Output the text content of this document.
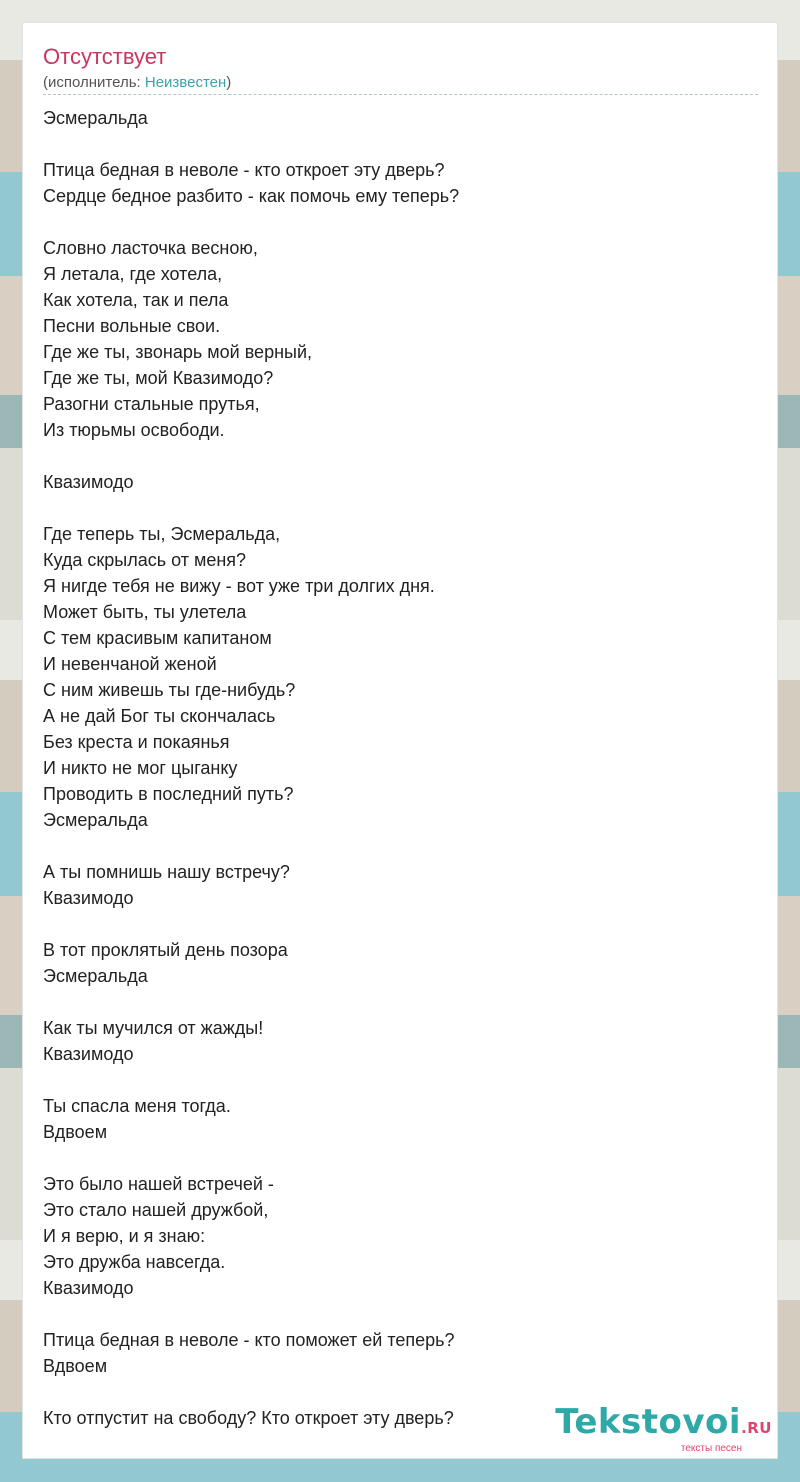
Отсутствует
(исполнитель: Неизвестен)
Эсмеральда
Птица бедная в неволе - кто откроет эту дверь?
Сердце бедное разбито - как помочь ему теперь?
Словно ласточка весною,
Я летала, где хотела,
Как хотела, так и пела
Песни вольные свои.
Где же ты, звонарь мой верный,
Где же ты, мой Квазимодо?
Разогни стальные прутья,
Из тюрьмы освободи.
Квазимодо
Где теперь ты, Эсмеральда,
Куда скрылась от меня?
Я нигде тебя не вижу - вот уже три долгих дня.
Может быть, ты улетела
С тем красивым капитаном
И невенчаной женой
С ним живешь ты где-нибудь?
А не дай Бог ты скончалась
Без креста и покаянья
И никто не мог цыганку
Проводить в последний путь?
Эсмеральда
А ты помнишь нашу встречу?
Квазимодо
В тот проклятый день позора
Эсмеральда
Как ты мучился от жажды!
Квазимодо
Ты спасла меня тогда.
Вдвоем
Это было нашей встречей -
Это стало нашей дружбой,
И я верю, и я знаю:
Это дружба навсегда.
Квазимодо
Птица бедная в неволе - кто поможет ей теперь?
Вдвоем
Кто отпустит на свободу? Кто откроет эту дверь?	Tekstovoi.RU
тексты песен
